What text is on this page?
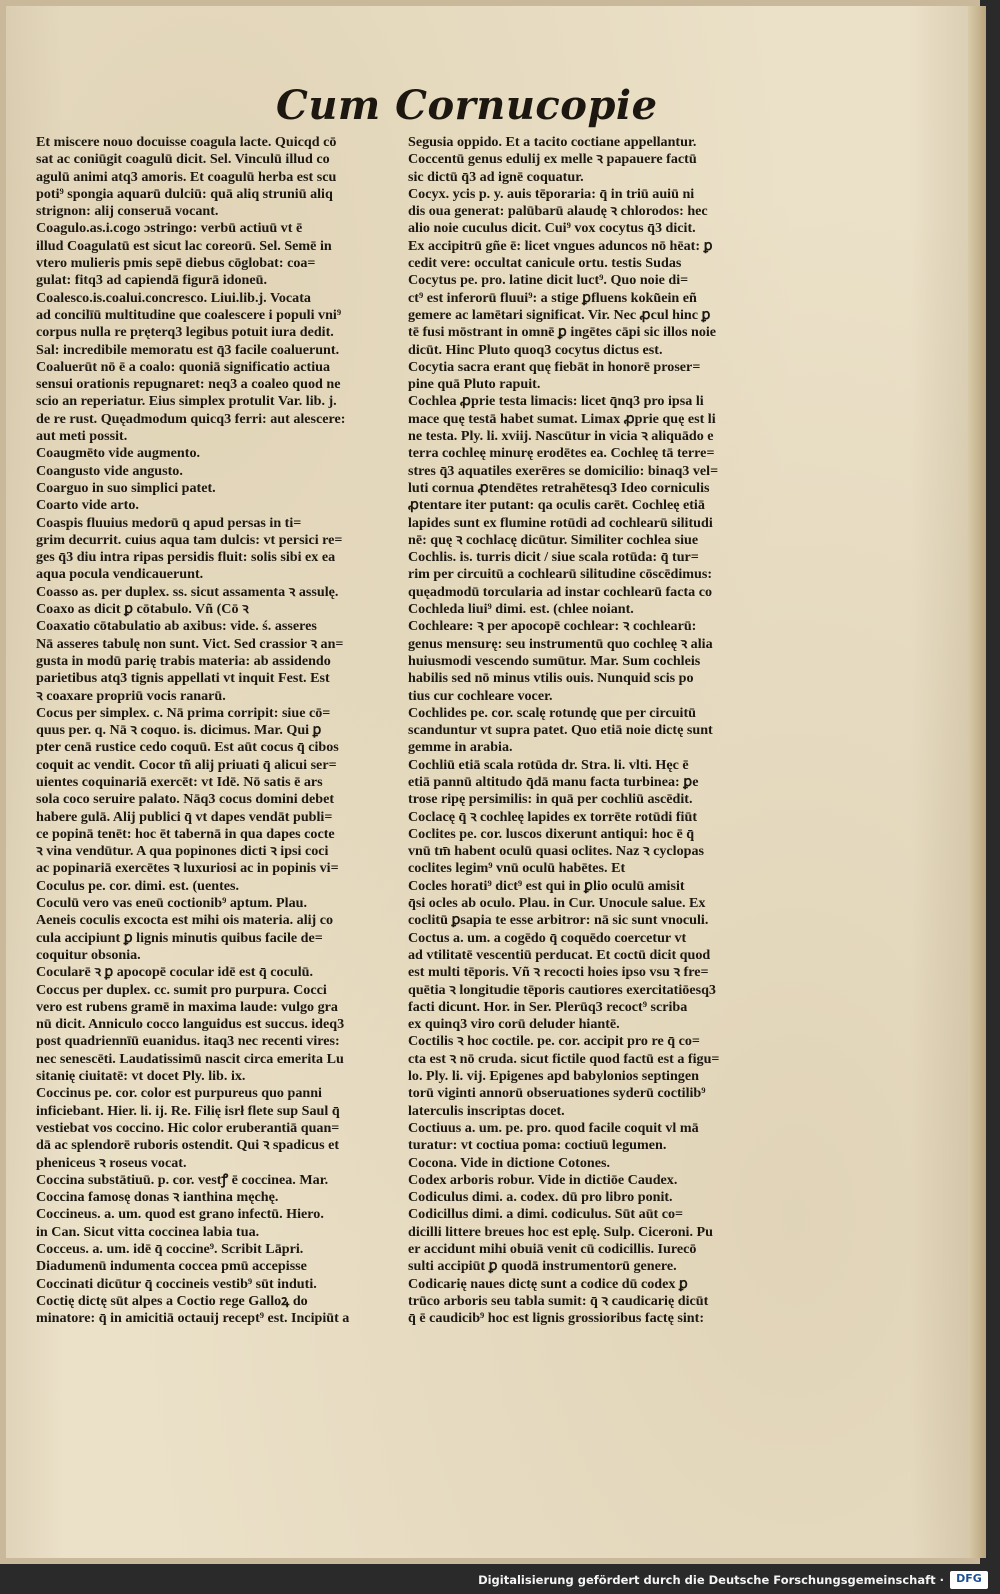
Cum Cornucopie
Et miscere nouo docuisse coagula lacte. Quicqd cō
sat ac coniūgit coagulū dicit. Sel. Vinculū illud co
agulū animi atq3 amoris. Et coagulū herba est scu
poti⁹ spongia aquarū dulciū: quā aliq struniū aliq
strignon: alij conseruā vocant.
Coagulo.as.i.cogo ɔstringo: verbū actiuū vt ē
illud Coagulatū est sicut lac coreorū. Sel. Semē in
vtero mulieris pmis sepē diebus cōglobat: coa=
gulat: fitq3 ad capiendā figurā idoneū.
Coalesco.is.coalui.concresco. Liui.lib.j. Vocata
ad concilīū multitudine que coalescere i populi vni⁹
corpus nulla re pręterq3 legibus potuit iura dedit.
Sal: incredibile memoratu est q̄3 facile coaluerunt.
Coaluerūt nō ē a coalo: quoniā significatio actiua
sensui orationis repugnaret: neq3 a coaleo quod ne
scio an reperiatur. Eius simplex protulit Var. lib. j.
de re rust. Quęadmodum quicq3 ferri: aut alescere:
aut meti possit.
Coaugmēto vide augmento.
Coangusto vide angusto.
Coarguo in suo simplici patet.
Coarto vide arto.
Coaspis fluuius medorū q apud persas in ti=
grim decurrit. cuius aqua tam dulcis: vt persici re=
ges q̄3 diu intra ripas persidis fluit: solis sibi ex ea
aqua pocula vendicauerunt.
Coasso as. per duplex. ss. sicut assamenta ꝛ assulę.
Coaxo as dicit ꝑ cōtabulo. Vñ (Cō ꝛ
Coaxatio cōtabulatio ab axibus: vide. ś. asseres
Nā asseres tabulę non sunt. Vict. Sed crassior ꝛ an=
gusta in modū parię trabis materia: ab assidendo
parietibus atq3 tignis appellati vt inquit Fest. Est
ꝛ coaxare propriū vocis ranarū.
Cocus per simplex. c. Nā prima corripit: siue cō=
quus per. q. Nā ꝛ coquo. is. dicimus. Mar. Qui ꝑ
pter cenā rustice cedo coquū. Est aūt cocus q̄ cibos
coquit ac vendit. Cocor tñ alij priuati q̄ alicui ser=
uientes coquinariā exercēt: vt Idē. Nō satis ē ars
sola coco seruire palato. Nāq3 cocus domini debet
habere gulā. Alij publici q̄ vt dapes vendāt publi=
ce popinā tenēt: hoc ēt tabernā in qua dapes cocte
ꝛ vina vendūtur. A qua popinones dicti ꝛ ipsi coci
ac popinariā exercētes ꝛ luxuriosi ac in popinis vi=
Coculus pe. cor. dimi. est. (uentes.
Coculū vero vas eneū coctionib⁹ aptum. Plau.
Aeneis coculis excocta est mihi ois materia. alij co
cula accipiunt ꝑ lignis minutis quibus facile de=
coquitur obsonia.
Cocularē ꝛ ꝑ apocopē cocular idē est q̄ coculū.
Coccus per duplex. cc. sumit pro purpura. Cocci
vero est rubens gramē in maxima laude: vulgo gra
nū dicit. Anniculo cocco languidus est succus. ideq3
post quadriennīū euanidus. itaq3 nec recenti vires:
nec senescēti. Laudatissimū nascit circa emerita Lu
sitanię ciuitatē: vt docet Ply. lib. ix.
Coccinus pe. cor. color est purpureus quo panni
inficiebant. Hier. li. ij. Re. Filię isrł flete sup Saul q̄
vestiebat vos coccino. Hic color eruberantiā quan=
dā ac splendorē ruboris ostendit. Qui ꝛ spadicus et
pheniceus ꝛ roseus vocat.
Coccina substātiuū. p. cor. vestꝭ ē coccinea. Mar.
Coccina famosę donas ꝛ ianthina męchę.
Coccineus. a. um. quod est grano infectū. Hiero.
in Can. Sicut vitta coccinea labia tua.
Cocceus. a. um. idē q̄ coccine⁹. Scribit Lāpri.
Diadumenū indumenta coccea pmū accepisse
Coccinati dicūtur q̄ coccineis vestib⁹ sūt induti.
Coctię dictę sūt alpes a Coctio rege Galloꝝ do
minatore: q̄ in amicitiā octauij recept⁹ est. Incipiūt a
Segusia oppido. Et a tacito coctiane appellantur.
Coccentū genus edulij ex melle ꝛ papauere factū
sic dictū q̄3 ad ignē coquatur.
Cocyx. ycis p. y. auis tēporaria: q̄ in triū auiū ni
dis oua generat: palūbarū alaudę ꝛ chlorodos: hec
alio noie cuculus dicit. Cui⁹ vox cocytus q̄3 dicit.
Ex accipitrū gñe ē: licet vngues aduncos nō hēat: ꝑ
cedit vere: occultat canicule ortu. testis Sudas
Cocytus pe. pro. latine dicit luct⁹. Quo noie di=
ct⁹ est inferorū fluui⁹: a stige ꝑfluens koku͂ein eñ
gemere ac lamētari significat. Vir. Nec ꝓcul hinc ꝑ
tē fusi mōstrant in omnē ꝑ ingētes cāpi sic illos noie
dicūt. Hinc Pluto quoq3 cocytus dictus est.
Cocytia sacra erant quę fiebāt in honorē proser=
pine quā Pluto rapuit.
Cochlea ꝓprie testa limacis: licet q̄nq3 pro ipsa li
mace quę testā habet sumat. Limax ꝓprie quę est li
ne testa. Ply. li. xviij. Nascūtur in vicia ꝛ aliquādo e
terra cochleę minurę erodētes ea. Cochleę tā terre=
stres q̄3 aquatiles exerēres se domicilio: binaq3 vel=
luti cornua ꝓtendētes retrahētesq3 Ideo corniculis
ꝓtentare iter putant: qa oculis carēt. Cochleę etiā
lapides sunt ex flumine rotūdi ad cochlearū silitudi
nē: quę ꝛ cochlacę dicūtur. Similiter cochlea siue
Cochlis. is. turris dicit / siue scala rotūda: q̄ tur=
rim per circuitū a cochlearū silitudine cōscēdimus:
quęadmodū torcularia ad instar cochlearū facta co
Cochleda liui⁹ dimi. est. (chlee noiant.
Cochleare: ꝛ per apocopē cochlear: ꝛ cochlearū:
genus mensurę: seu instrumentū quo cochleę ꝛ alia
huiusmodi vescendo sumūtur. Mar. Sum cochleis
habilis sed nō minus vtilis ouis. Nunquid scis po
tius cur cochleare vocer.
Cochlides pe. cor. scalę rotundę que per circuitū
scanduntur vt supra patet. Quo etiā noie dictę sunt
gemme in arabia.
Cochliū etiā scala rotūda dr. Stra. li. vlti. Hęc ē
etiā pannū altitudo q̄dā manu facta turbinea: ꝑe
trose ripę persimilis: in quā per cochliū ascēdit.
Coclacę q̄ ꝛ cochleę lapides ex torrēte rotūdi fiūt
Coclites pe. cor. luscos dixerunt antiqui: hoc ē q̄
vnū tm̄ habent oculū quasi oclites. Naz ꝛ cyclopas
coclites legim⁹ vnū oculū habētes. Et
Cocles horati⁹ dict⁹ est qui in ꝑlio oculū amisit
q̄si ocles ab oculo. Plau. in Cur. Unocule salue. Ex
coclitū ꝑsapia te esse arbitror: nā sic sunt vnoculi.
Coctus a. um. a cogēdo q̄ coquēdo coercetur vt
ad vtilitatē vescentiū perducat. Et coctū dicit quod
est multi tēporis. Vñ ꝛ recocti hoies ipso vsu ꝛ fre=
quētia ꝛ longitudie tēporis cautiores exercitatiōesq3
facti dicunt. Hor. in Ser. Plerūq3 recoct⁹ scriba
ex quinq3 viro corū deluder hiantē.
Coctilis ꝛ hoc coctile. pe. cor. accipit pro re q̄ co=
cta est ꝛ nō cruda. sicut fictile quod factū est a figu=
lo. Ply. li. vij. Epigenes apd babylonios septingen
torū viginti annorū obseruationes syderū coctilib⁹
laterculis inscriptas docet.
Coctiuus a. um. pe. pro. quod facile coquit vl mā
turatur: vt coctiua poma: coctiuū legumen.
Cocona. Vide in dictione Cotones.
Codex arboris robur. Vide in dictiōe Caudex.
Codiculus dimi. a. codex. dū pro libro ponit.
Codicillus dimi. a dimi. codiculus. Sūt aūt co=
dicilli littere breues hoc est eplę. Sulp. Ciceroni. Pu
er accidunt mihi obuiā venit cū codicillis. Iurecō
sulti accipiūt ꝑ quodā instrumentorū genere.
Codicarię naues dictę sunt a codice dū codex ꝑ
trūco arboris seu tabla sumit: q̄ ꝛ caudicarię dicūt
q̄ ē caudicib⁹ hoc est lignis grossioribus factę sint:
Digitalisierung gefördert durch die Deutsche Forschungsgemeinschaft ·	DFG
